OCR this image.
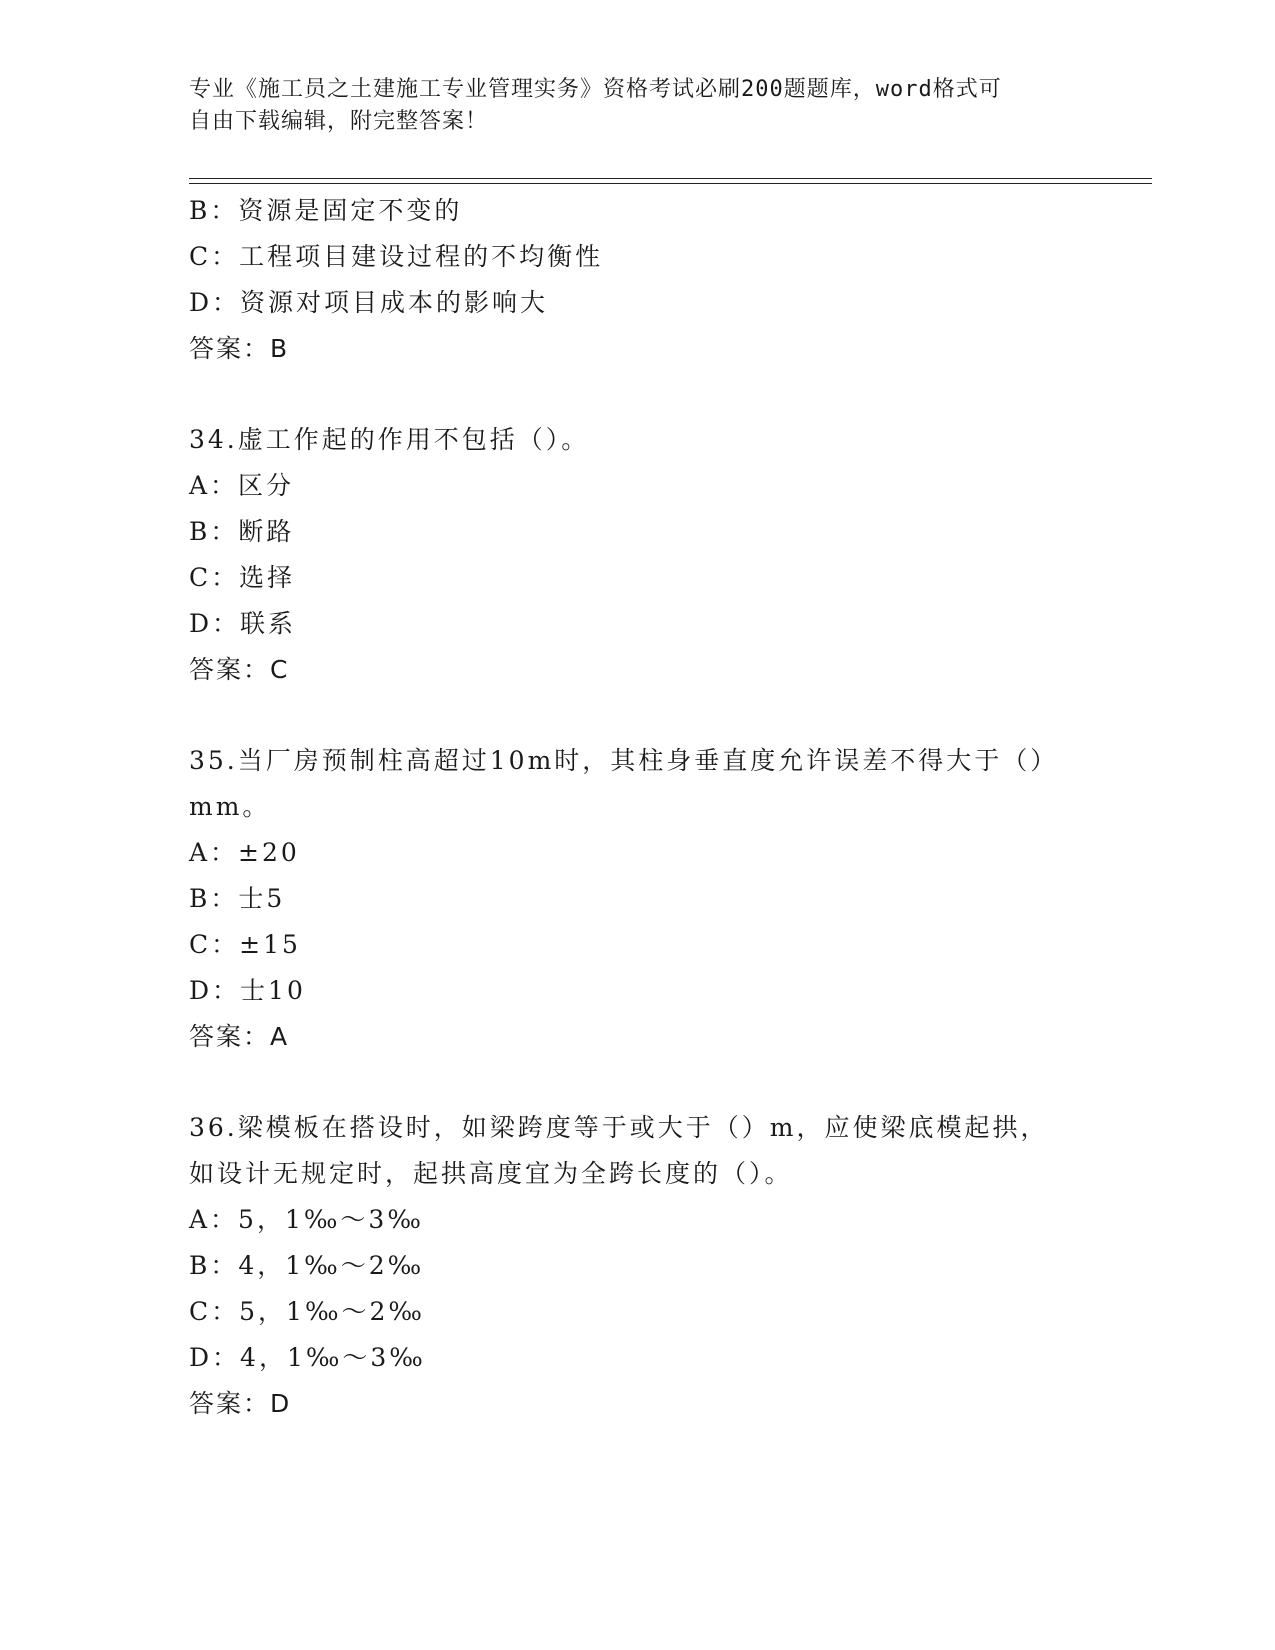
专业《施工员之土建施工专业管理实务》资格考试必刷200题题库，word格式可
自由下载编辑，附完整答案！
B：资源是固定不变的
C：工程项目建设过程的不均衡性
D：资源对项目成本的影响大
答案：B
34.虚工作起的作用不包括（）。
A：区分
B：断路
C：选择
D：联系
答案：C
35.当厂房预制柱高超过10m时，其柱身垂直度允许误差不得大于（）
mm。
A：±20
B：士5
C：±15
D：士10
答案：A
36.梁模板在搭设时，如梁跨度等于或大于（）m，应使梁底模起拱，
如设计无规定时，起拱高度宜为全跨长度的（）。
A：5，1‰～3‰
B：4，1‰～2‰
C：5，1‰～2‰
D：4，1‰～3‰
答案：D
